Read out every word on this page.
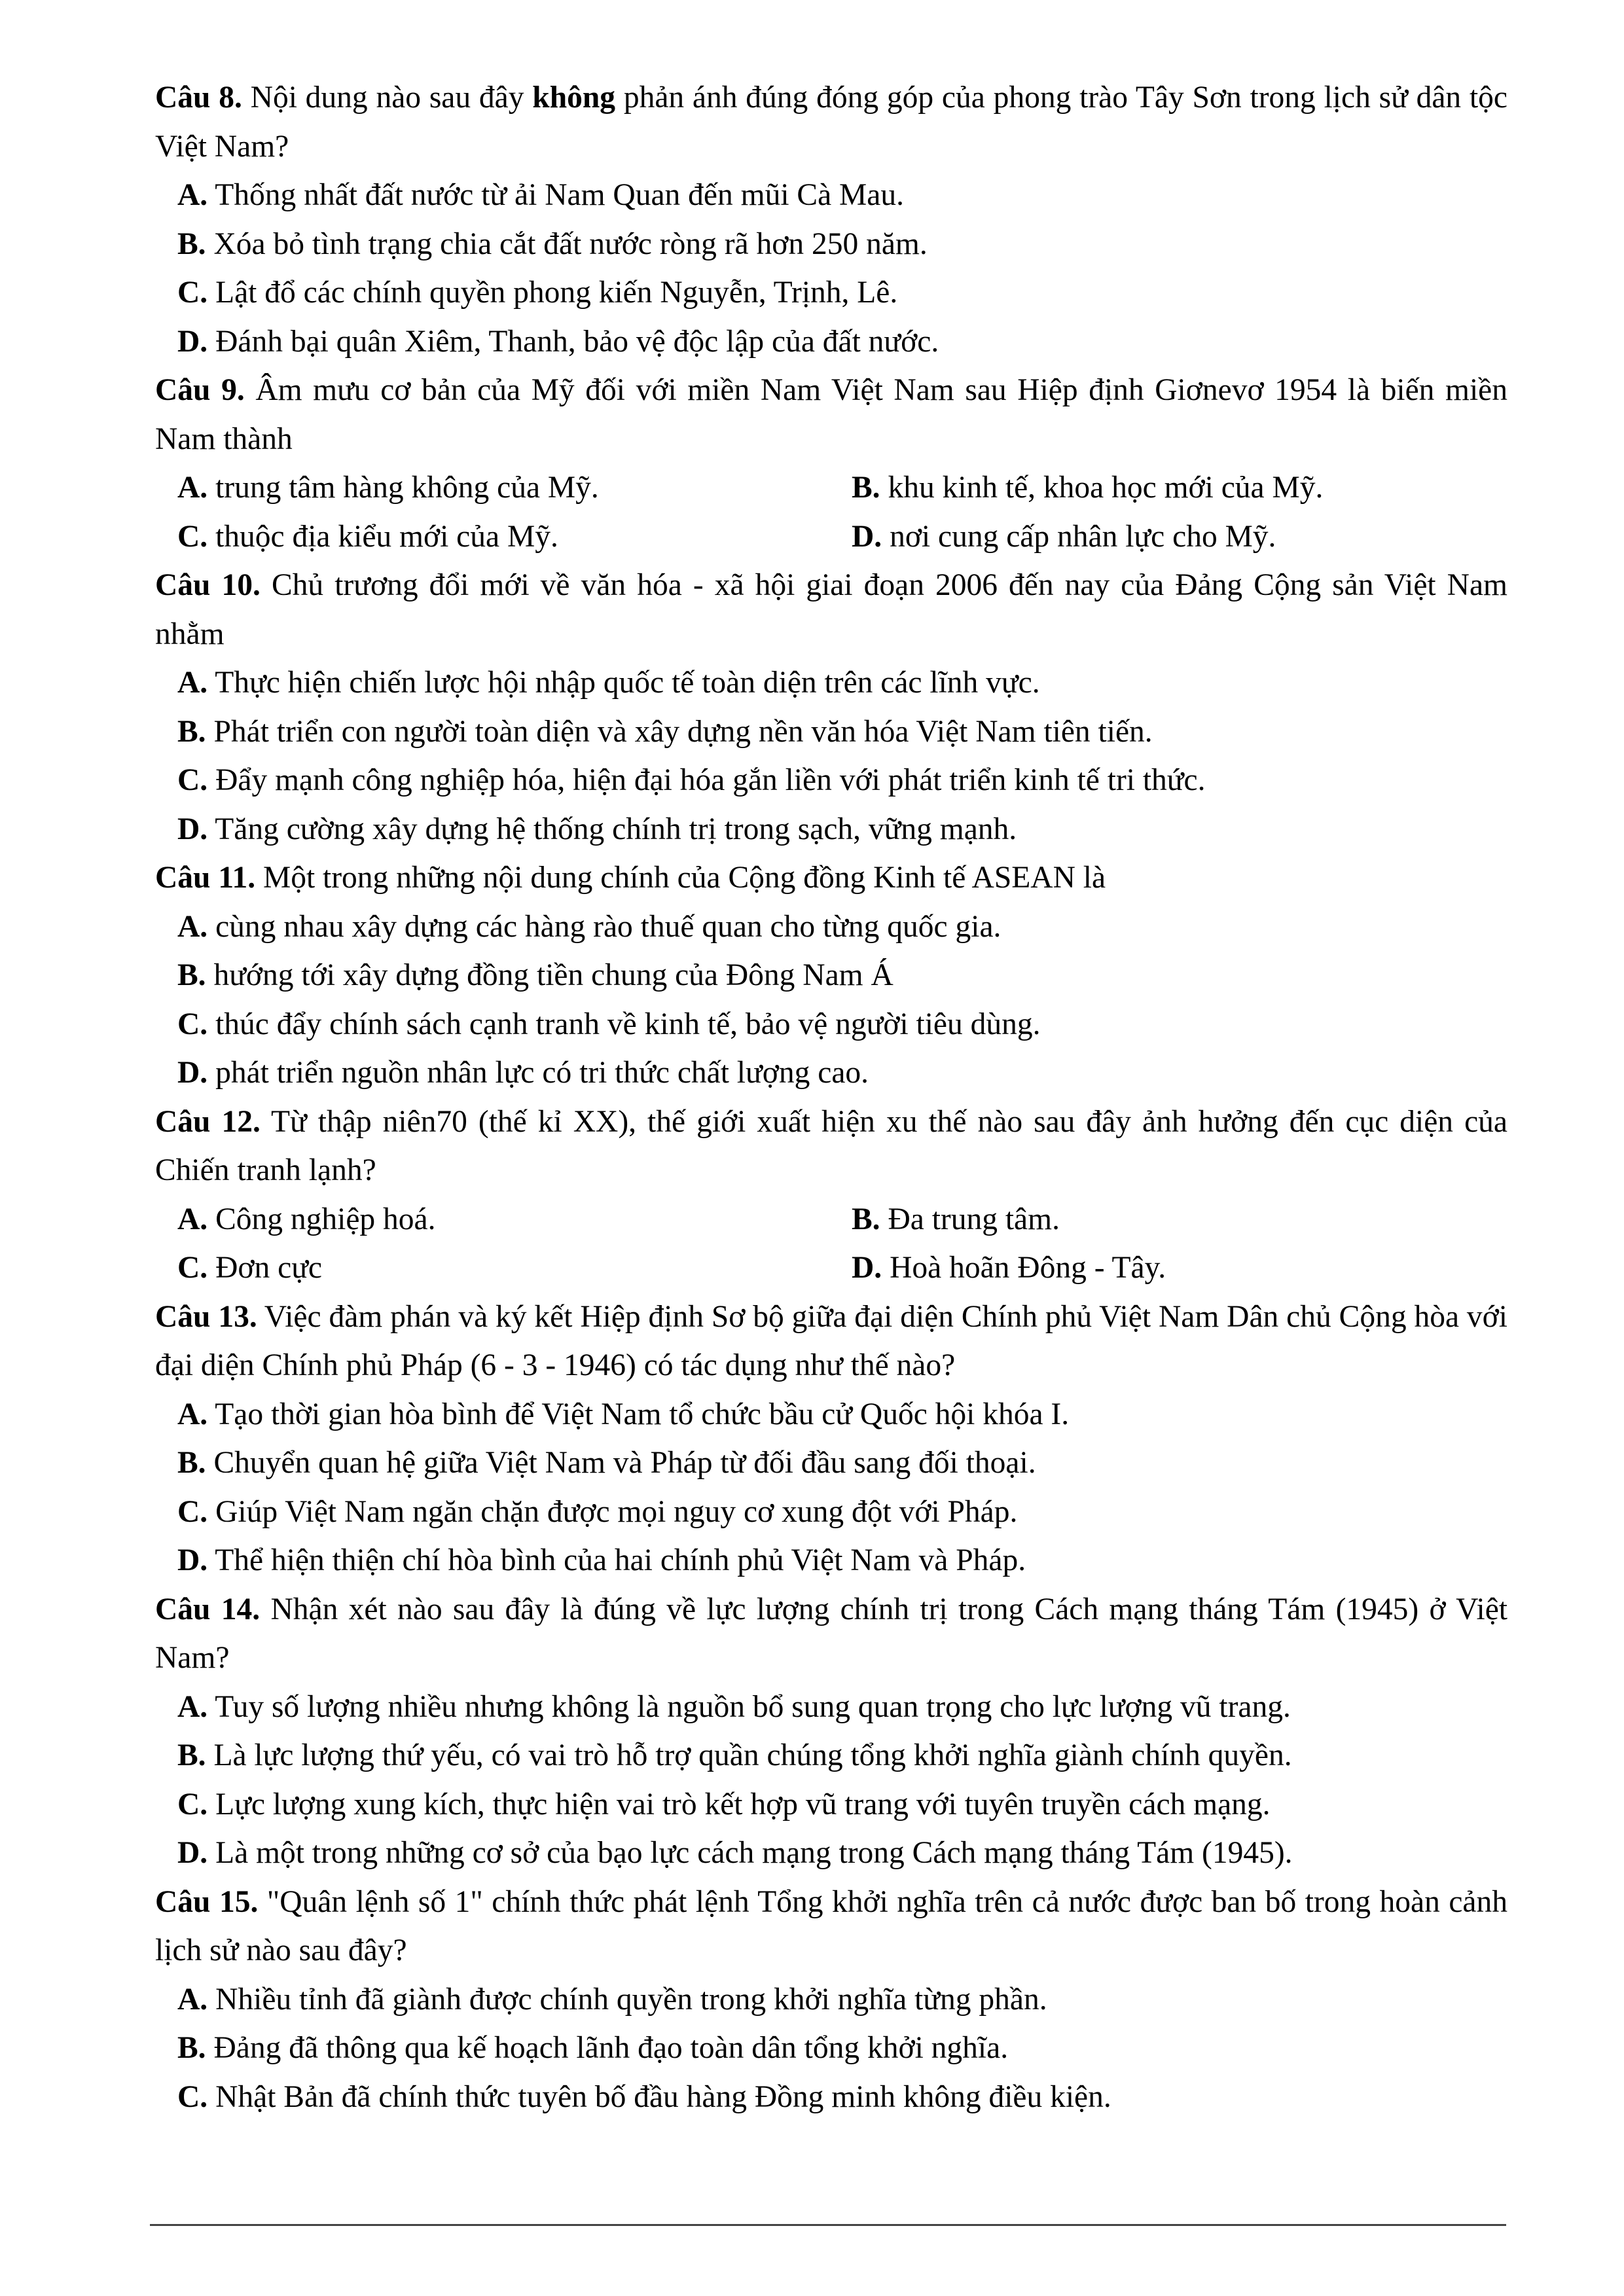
Câu 8. Nội dung nào sau đây không phản ánh đúng đóng góp của phong trào Tây Sơn trong lịch sử dân tộc Việt Nam?

A. Thống nhất đất nước từ ải Nam Quan đến mũi Cà Mau.
B. Xóa bỏ tình trạng chia cắt đất nước ròng rã hơn 250 năm.
C. Lật đổ các chính quyền phong kiến Nguyễn, Trịnh, Lê.
D. Đánh bại quân Xiêm, Thanh, bảo vệ độc lập của đất nước.

Câu 9. Âm mưu cơ bản của Mỹ đối với miền Nam Việt Nam sau Hiệp định Giơnevơ 1954 là biến miền Nam thành

A. trung tâm hàng không của Mỹ.	B. khu kinh tế, khoa học mới của Mỹ.
C. thuộc địa kiểu mới của Mỹ.	D. nơi cung cấp nhân lực cho Mỹ.

Câu 10. Chủ trương đổi mới về văn hóa - xã hội giai đoạn 2006 đến nay của Đảng Cộng sản Việt Nam nhằm

A. Thực hiện chiến lược hội nhập quốc tế toàn diện trên các lĩnh vực.
B. Phát triển con người toàn diện và xây dựng nền văn hóa Việt Nam tiên tiến.
C. Đẩy mạnh công nghiệp hóa, hiện đại hóa gắn liền với phát triển kinh tế tri thức.
D. Tăng cường xây dựng hệ thống chính trị trong sạch, vững mạnh.

Câu 11. Một trong những nội dung chính của Cộng đồng Kinh tế ASEAN là

A. cùng nhau xây dựng các hàng rào thuế quan cho từng quốc gia.
B. hướng tới xây dựng đồng tiền chung của Đông Nam Á
C. thúc đẩy chính sách cạnh tranh về kinh tế, bảo vệ người tiêu dùng.
D. phát triển nguồn nhân lực có tri thức chất lượng cao.

Câu 12. Từ thập niên70 (thế kỉ XX), thế giới xuất hiện xu thế nào sau đây ảnh hưởng đến cục diện của Chiến tranh lạnh?

A. Công nghiệp hoá.	B. Đa trung tâm.
C. Đơn cực	D. Hoà hoãn Đông - Tây.

Câu 13. Việc đàm phán và ký kết Hiệp định Sơ bộ giữa đại diện Chính phủ Việt Nam Dân chủ Cộng hòa với đại diện Chính phủ Pháp (6 - 3 - 1946) có tác dụng như thế nào?

A. Tạo thời gian hòa bình để Việt Nam tổ chức bầu cử Quốc hội khóa I.
B. Chuyển quan hệ giữa Việt Nam và Pháp từ đối đầu sang đối thoại.
C. Giúp Việt Nam ngăn chặn được mọi nguy cơ xung đột với Pháp.
D. Thể hiện thiện chí hòa bình của hai chính phủ Việt Nam và Pháp.

Câu 14. Nhận xét nào sau đây là đúng về lực lượng chính trị trong Cách mạng tháng Tám (1945) ở Việt Nam?

A. Tuy số lượng nhiều nhưng không là nguồn bổ sung quan trọng cho lực lượng vũ trang.
B. Là lực lượng thứ yếu, có vai trò hỗ trợ quần chúng tổng khởi nghĩa giành chính quyền.
C. Lực lượng xung kích, thực hiện vai trò kết hợp vũ trang với tuyên truyền cách mạng.
D. Là một trong những cơ sở của bạo lực cách mạng trong Cách mạng tháng Tám (1945).

Câu 15. "Quân lệnh số 1" chính thức phát lệnh Tổng khởi nghĩa trên cả nước được ban bố trong hoàn cảnh lịch sử nào sau đây?

A. Nhiều tỉnh đã giành được chính quyền trong khởi nghĩa từng phần.
B. Đảng đã thông qua kế hoạch lãnh đạo toàn dân tổng khởi nghĩa.
C. Nhật Bản đã chính thức tuyên bố đầu hàng Đồng minh không điều kiện.
